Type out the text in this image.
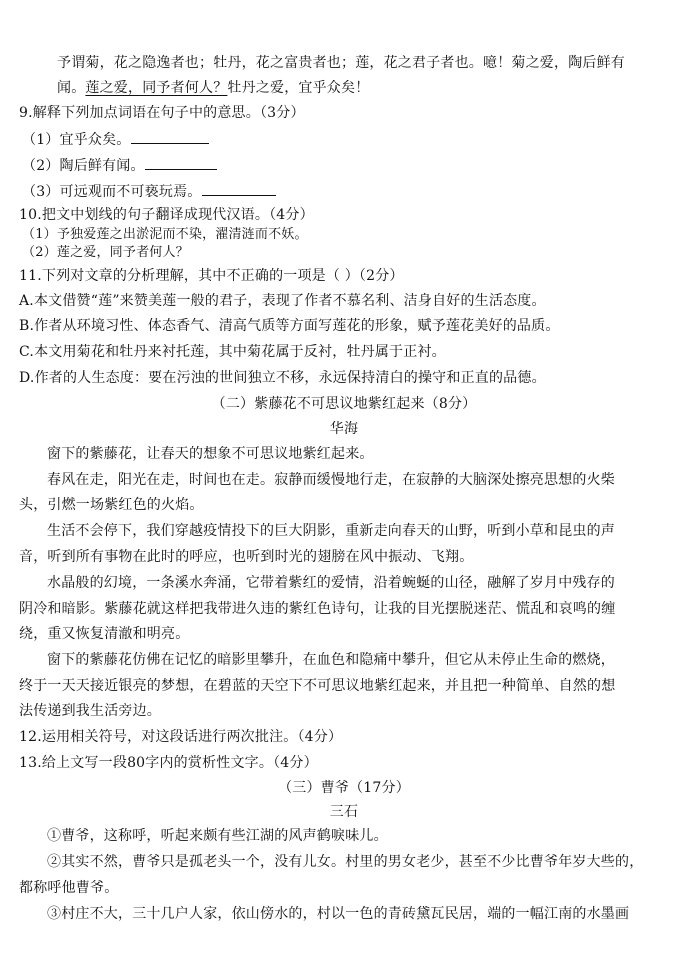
予谓菊，花之隐逸者也；牡丹，花之富贵者也；莲，花之君子者也。噫！菊之爱，陶后鲜有
闻。莲之爱，同予者何人？牡丹之爱，宜乎众矣！
9.解释下列加点词语在句子中的意思。（3分）
（1）宜乎众矣。
（2）陶后鲜有闻。
（3）可远观而不可亵玩焉。
10.把文中划线的句子翻译成现代汉语。（4分）
（1）予独爱莲之出淤泥而不染，濯清涟而不妖。
（2）莲之爱，同予者何人？
11.下列对文章的分析理解，其中不正确的一项是（ ）（2分）
A.本文借赞“莲”来赞美莲一般的君子，表现了作者不慕名利、洁身自好的生活态度。
B.作者从环境习性、体态香气、清高气质等方面写莲花的形象，赋予莲花美好的品质。
C.本文用菊花和牡丹来衬托莲，其中菊花属于反衬，牡丹属于正衬。
D.作者的人生态度：要在污浊的世间独立不移，永远保持清白的操守和正直的品德。
（二）紫藤花不可思议地紫红起来（8分）
华海
窗下的紫藤花，让春天的想象不可思议地紫红起来。
春风在走，阳光在走，时间也在走。寂静而缓慢地行走，在寂静的大脑深处擦亮思想的火柴
头，引燃一场紫红色的火焰。
生活不会停下，我们穿越疫情投下的巨大阴影，重新走向春天的山野，听到小草和昆虫的声
音，听到所有事物在此时的呼应，也听到时光的翅膀在风中振动、飞翔。
水晶般的幻境，一条溪水奔涌，它带着紫红的爱情，沿着蜿蜒的山径，融解了岁月中残存的
阴冷和暗影。紫藤花就这样把我带进久违的紫红色诗句，让我的目光摆脱迷茫、慌乱和哀鸣的缠
绕，重又恢复清澈和明亮。
窗下的紫藤花仿佛在记忆的暗影里攀升，在血色和隐痛中攀升，但它从未停止生命的燃烧，
终于一天天接近银亮的梦想，在碧蓝的天空下不可思议地紫红起来，并且把一种简单、自然的想
法传递到我生活旁边。
12.运用相关符号，对这段话进行两次批注。（4分）
13.给上文写一段80字内的赏析性文字。（4分）
（三）曹爷（17分）
三石
①曹爷，这称呼，听起来颇有些江湖的风声鹤唳味儿。
②其实不然，曹爷只是孤老头一个，没有儿女。村里的男女老少，甚至不少比曹爷年岁大些的，
都称呼他曹爷。
③村庄不大，三十几户人家，依山傍水的，村以一色的青砖黛瓦民居，端的一幅江南的水墨画
